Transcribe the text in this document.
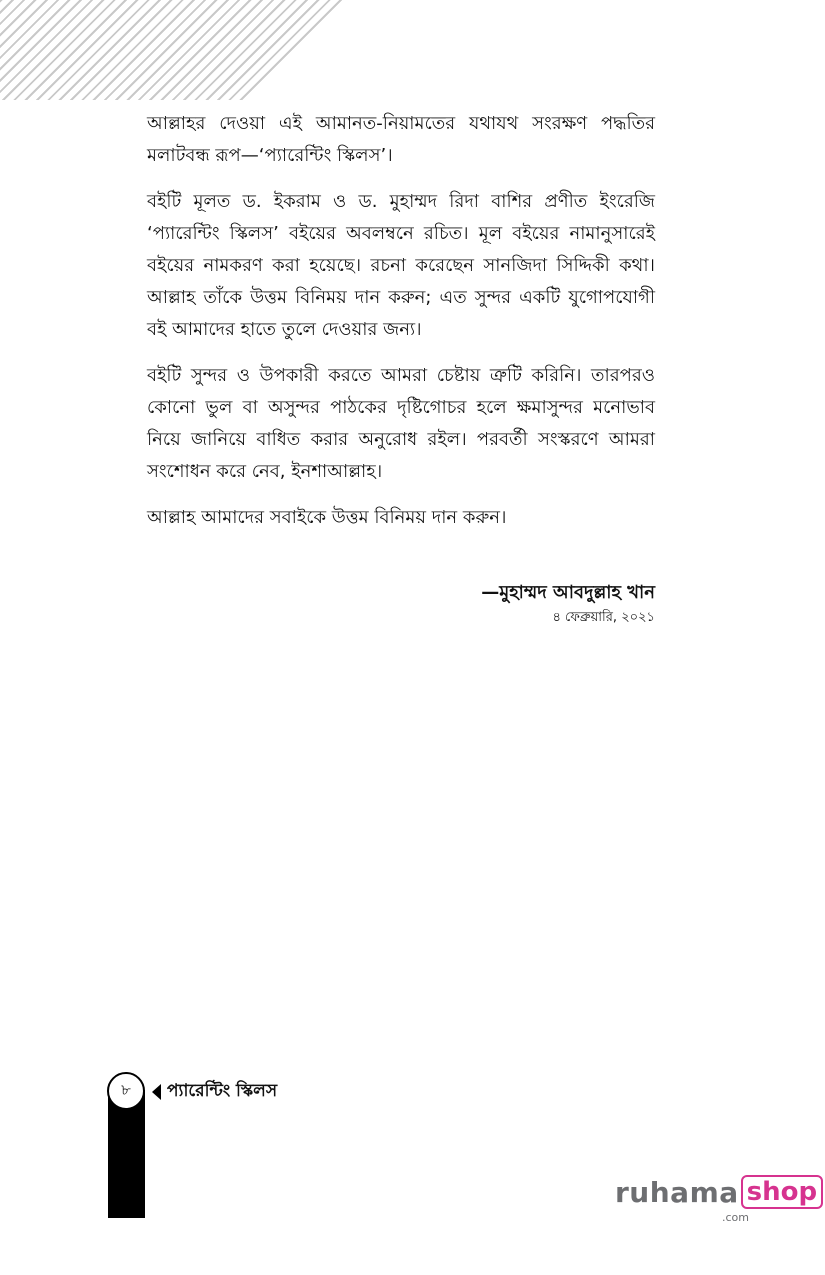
আল্লাহর দেওয়া এই আমানত-নিয়ামতের যথাযথ সংরক্ষণ পদ্ধতির মলাটবন্ধ রূপ—‘প্যারেন্টিং স্কিলস’।

বইটি মূলত ড. ইকরাম ও ড. মুহাম্মদ রিদা বাশির প্রণীত ইংরেজি ‘প্যারেন্টিং স্কিলস’ বইয়ের অবলম্বনে রচিত। মূল বইয়ের নামানুসারেই বইয়ের নামকরণ করা হয়েছে। রচনা করেছেন সানজিদা সিদ্দিকী কথা। আল্লাহ তাঁকে উত্তম বিনিময় দান করুন; এত সুন্দর একটি যুগোপযোগী বই আমাদের হাতে তুলে দেওয়ার জন্য।

বইটি সুন্দর ও উপকারী করতে আমরা চেষ্টায় ত্রুটি করিনি। তারপরও কোনো ভুল বা অসুন্দর পাঠকের দৃষ্টিগোচর হলে ক্ষমাসুন্দর মনোভাব নিয়ে জানিয়ে বাধিত করার অনুরোধ রইল। পরবর্তী সংস্করণে আমরা সংশোধন করে নেব, ইনশাআল্লাহ।

আল্লাহ আমাদের সবাইকে উত্তম বিনিময় দান করুন।

—মুহাম্মদ আবদুল্লাহ খান
৪ ফেব্রুয়ারি, ২০২১
৮ প্যারেন্টিং স্কিলস
ruhama shop
.com
